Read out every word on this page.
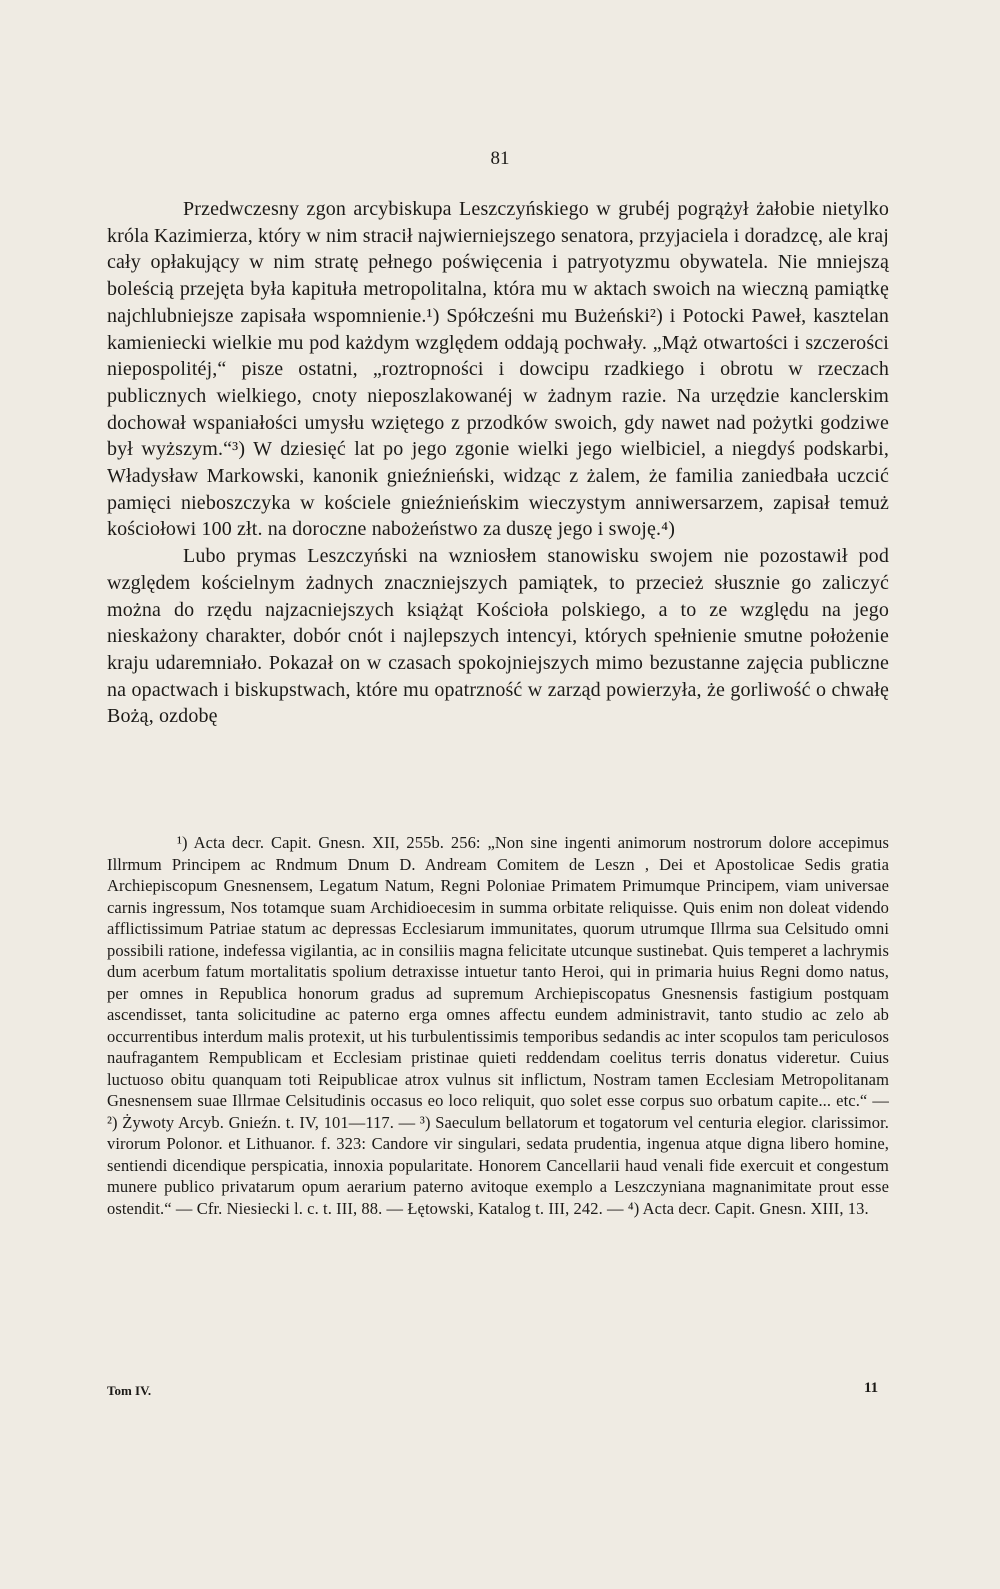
81

Przedwczesny zgon arcybiskupa Leszczyńskiego w grubéj pogrążył żałobie nietylko króla Kazimierza, który w nim stracił najwierniejszego senatora, przyjaciela i doradzcę, ale kraj cały opłakujący w nim stratę pełnego poświęcenia i patryotyzmu obywatela. Nie mniejszą boleścią przejęta była kapituła metropolitalna, która mu w aktach swoich na wieczną pamiątkę najchlubniejsze zapisała wspomnienie.¹) Spółcześni mu Bużeński²) i Potocki Paweł, kasztelan kamieniecki wielkie mu pod każdym względem oddają pochwały. „Mąż otwartości i szczerości niepospolitéj,“ pisze ostatni, „roztropności i dowcipu rzadkiego i obrotu w rzeczach publicznych wielkiego, cnoty nieposzlakowanéj w żadnym razie. Na urzędzie kanclerskim dochował wspaniałości umysłu wziętego z przodków swoich, gdy nawet nad pożytki godziwe był wyższym.“³) W dziesięć lat po jego zgonie wielki jego wielbiciel, a niegdyś podskarbi, Władysław Markowski, kanonik gnieźnieński, widząc z żalem, że familia zaniedbała uczcić pamięci nieboszczyka w kościele gnieźnieńskim wieczystym anniwersarzem, zapisał temuż kościołowi 100 złt. na doroczne nabożeństwo za duszę jego i swoję.⁴)

Lubo prymas Leszczyński na wzniosłem stanowisku swojem nie pozostawił pod względem kościelnym żadnych znaczniejszych pamiątek, to przecież słusznie go zaliczyć można do rzędu najzacniejszych książąt Kościoła polskiego, a to ze względu na jego nieskażony charakter, dobór cnót i najlepszych intencyi, których spełnienie smutne położenie kraju udaremniało. Pokazał on w czasach spokojniejszych mimo bezustanne zajęcia publiczne na opactwach i biskupstwach, które mu opatrzność w zarząd powierzyła, że gorliwość o chwałę Bożą, ozdobę

¹) Acta decr. Capit. Gnesn. XII, 255b. 256: „Non sine ingenti animorum nostrorum dolore accepimus Illrmum Principem ac Rndmum Dnum D. Andream Comitem de Leszn , Dei et Apostolicae Sedis gratia Archiepiscopum Gnesnensem, Legatum Natum, Regni Poloniae Primatem Primumque Principem, viam universae carnis ingressum, Nos totamque suam Archidioecesim in summa orbitate reliquisse. Quis enim non doleat videndo afflictissimum Patriae statum ac depressas Ecclesiarum immunitates, quorum utrumque Illrma sua Celsitudo omni possibili ratione, indefessa vigilantia, ac in consiliis magna felicitate utcunque sustinebat. Quis temperet a lachrymis dum acerbum fatum mortalitatis spolium detraxisse intuetur tanto Heroi, qui in primaria huius Regni domo natus, per omnes in Republica honorum gradus ad supremum Archiepiscopatus Gnesnensis fastigium postquam ascendisset, tanta solicitudine ac paterno erga omnes affectu eundem administravit, tanto studio ac zelo ab occurrentibus interdum malis protexit, ut his turbulentissimis temporibus sedandis ac inter scopulos tam periculosos naufragantem Rempublicam et Ecclesiam pristinae quieti reddendam coelitus terris donatus videretur. Cuius luctuoso obitu quanquam toti Reipublicae atrox vulnus sit inflictum, Nostram tamen Ecclesiam Metropolitanam Gnesnensem suae Illrmae Celsitudinis occasus eo loco reliquit, quo solet esse corpus suo orbatum capite... etc.“ — ²) Żywoty Arcyb. Gnieźn. t. IV, 101—117. — ³) Saeculum bellatorum et togatorum vel centuria elegior. clarissimor. virorum Polonor. et Lithuanor. f. 323: Candore vir singulari, sedata prudentia, ingenua atque digna libero homine, sentiendi dicendique perspicatia, innoxia popularitate. Honorem Cancellarii haud venali fide exercuit et congestum munere publico privatarum opum aerarium paterno avitoque exemplo a Leszczyniana magnanimitate prout esse ostendit.“ — Cfr. Niesiecki l. c. t. III, 88. — Łętowski, Katalog t. III, 242. — ⁴) Acta decr. Capit. Gnesn. XIII, 13.

Tom IV.	11
